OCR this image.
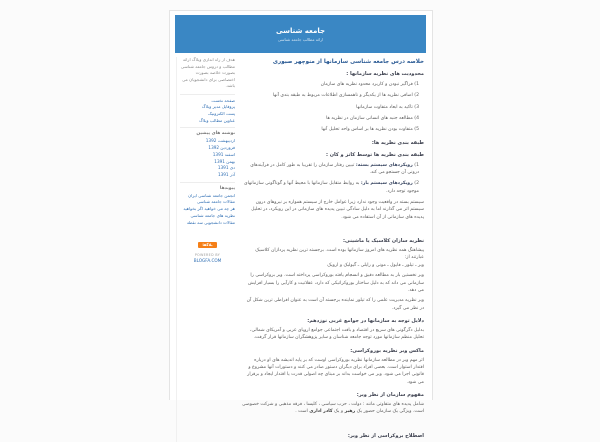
جامعه شناسی
ارائه مطالب جامعه شناسی
خلاصه درس جامعه شناسی سازمانها از منوچهر صبوری
محدودیت های نظریه سازمانها :
1) فراگیر نبودن و کاربرد محدود نظریه های سازمان
2) اضافی نظریه ها از یکدیگر و ناهمسازی اطلاعات مربوط به طبقه بندی آنها
3) تاکید به ابعاد متفاوت سازمانها
4) مطالعه جنبه های انسانی سازمان در نظریه ها
5) متفاوت بودن نظریه ها بر اساس واحد تحلیل آنها
طبقه بندی نظریه ها:
طبقه بندی نظریه ها توسط کاتز و کان :
1) رویکردهای سیستم بسته: تبیین رفتار سازمان را تقریبا به طور کامل در فرآیندهای درونی آن جستجو می کند.
2) رویکردهای سیستم باز: به روابط متقابل سازمانها با محیط آنها و گوناگونی سازمانهای موجود توجه دارد.
سیستم بسته در واقعیت وجود ندارد زیرا عوامل خارج از سیستم همواره بر نیروهای درون سیستم اثر می گذارند اما به دلیل سادگی تبیین پدیده های سازمانی در این رویکرد، در تحلیل پدیده های سازمانی از آن استفاده می شود.
نظریه سازان کلاسیک یا ماشینی:
پیشاهنگ همه نظریه های امروز سازمانها بوده است. برجسته ترین نظریه پردازان کلاسیک عبارتند از:
وبر ـ تیلور ـ فایول ـ مونی و رایلی ـ گیولیک و ارویک
وبر نخستین بار به مطالعه دقیق و انسجام یافته بوروکراسی پرداخته است. وبر بروکراسی را سازمانی می داند که به دلیل ساختار بوروکراتیکی که دارد، عقلانیت و کارآیی را بسیار افزایش می دهد.
وبر نظریه مدیریت علمی را که تیلور نماینده برجسته آن است به عنوان افراطی ترین شکل آن در نظر می گیرد.
دلایل توجه به سازمانها در جوامع غربی نوزدهم:
بدلیل دگرگونی های سریع در اقتصاد و بافت اجتماعی جوامع اروپای غربی و آمریکای شمالی، تحلیل منظم سازمانها مورد توجه جامعه شناسان و سایر پژوهشگران سازمانها قرار گرفت.
ماکس وبر نظریه بوروکراسی:
اثر مهم وبر در مطالعه سازمانها نظریه بوروکراسی اوست که بر پایه اندیشه های او درباره اقتدار استوار است. بعضی افراد برای دیگران دستور صادر می کنند و دستورات آنها مشروع و قانونی اجرا می شود. وبر می خواست بداند بر مبنای چه اصولی قدرت یا اقتدار ایجاد و برقرار می شود.
مفهوم سازمان از نظر وبر:
شامل پدیده های متفاوتی مانند : دولت ، حزب سیاسی ، کلیسا ، فرقه مذهبی و شرکت خصوصی است. ویژگی یک سازمان حضور یک رهبر و یک کادر اداری است .
اصطلاح بروکراسی از نظر وبر:
هدف از راه اندازی وبلاگ ارائه مطالب و دروس جامعه شناسی بصورت خلاصه بصورت اختصاصی برای دانشجویان می باشد.
صفحه نخست
پروفایل مدیر وبلاگ
پست الکترونیک
عناوین مطالب وبلاگ
نوشته های پیشین
اردیبهشت 1392
فروردین 1392
اسفند 1391
بهمن 1391
دی 1391
آذر 1391
پیوندها
انجمن جامعه شناسی ایران
مقالات جامعه شناسی
هر چه می خواهید اگر بخواهید
نظریه های جامعه شناسی
مقالات دانشجویی سه نقطه
بلاگفا
POWERED BY
BLOGFA.COM
